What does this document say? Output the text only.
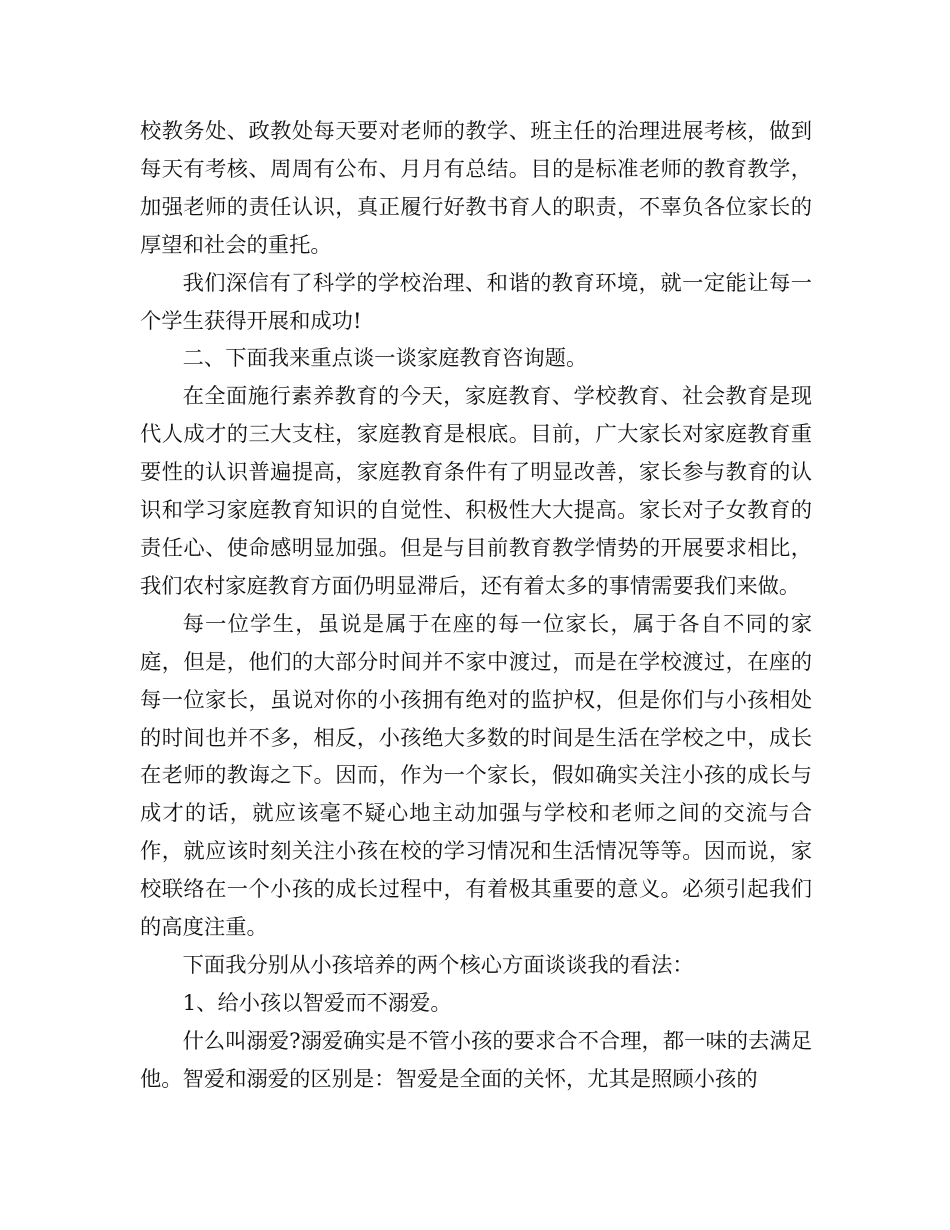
校教务处、政教处每天要对老师的教学、班主任的治理进展考核，做到每天有考核、周周有公布、月月有总结。目的是标准老师的教育教学，加强老师的责任认识，真正履行好教书育人的职责，不辜负各位家长的厚望和社会的重托。

我们深信有了科学的学校治理、和谐的教育环境，就一定能让每一个学生获得开展和成功!

二、下面我来重点谈一谈家庭教育咨询题。

在全面施行素养教育的今天，家庭教育、学校教育、社会教育是现代人成才的三大支柱，家庭教育是根底。目前，广大家长对家庭教育重要性的认识普遍提高，家庭教育条件有了明显改善，家长参与教育的认识和学习家庭教育知识的自觉性、积极性大大提高。家长对子女教育的责任心、使命感明显加强。但是与目前教育教学情势的开展要求相比，我们农村家庭教育方面仍明显滞后，还有着太多的事情需要我们来做。

每一位学生，虽说是属于在座的每一位家长，属于各自不同的家庭，但是，他们的大部分时间并不家中渡过，而是在学校渡过，在座的每一位家长，虽说对你的小孩拥有绝对的监护权，但是你们与小孩相处的时间也并不多，相反，小孩绝大多数的时间是生活在学校之中，成长在老师的教诲之下。因而，作为一个家长，假如确实关注小孩的成长与成才的话，就应该毫不疑心地主动加强与学校和老师之间的交流与合作，就应该时刻关注小孩在校的学习情况和生活情况等等。因而说，家校联络在一个小孩的成长过程中，有着极其重要的意义。必须引起我们的高度注重。

下面我分别从小孩培养的两个核心方面谈谈我的看法：

1、给小孩以智爱而不溺爱。

什么叫溺爱?溺爱确实是不管小孩的要求合不合理，都一味的去满足他。智爱和溺爱的区别是：智爱是全面的关怀，尤其是照顾小孩的
